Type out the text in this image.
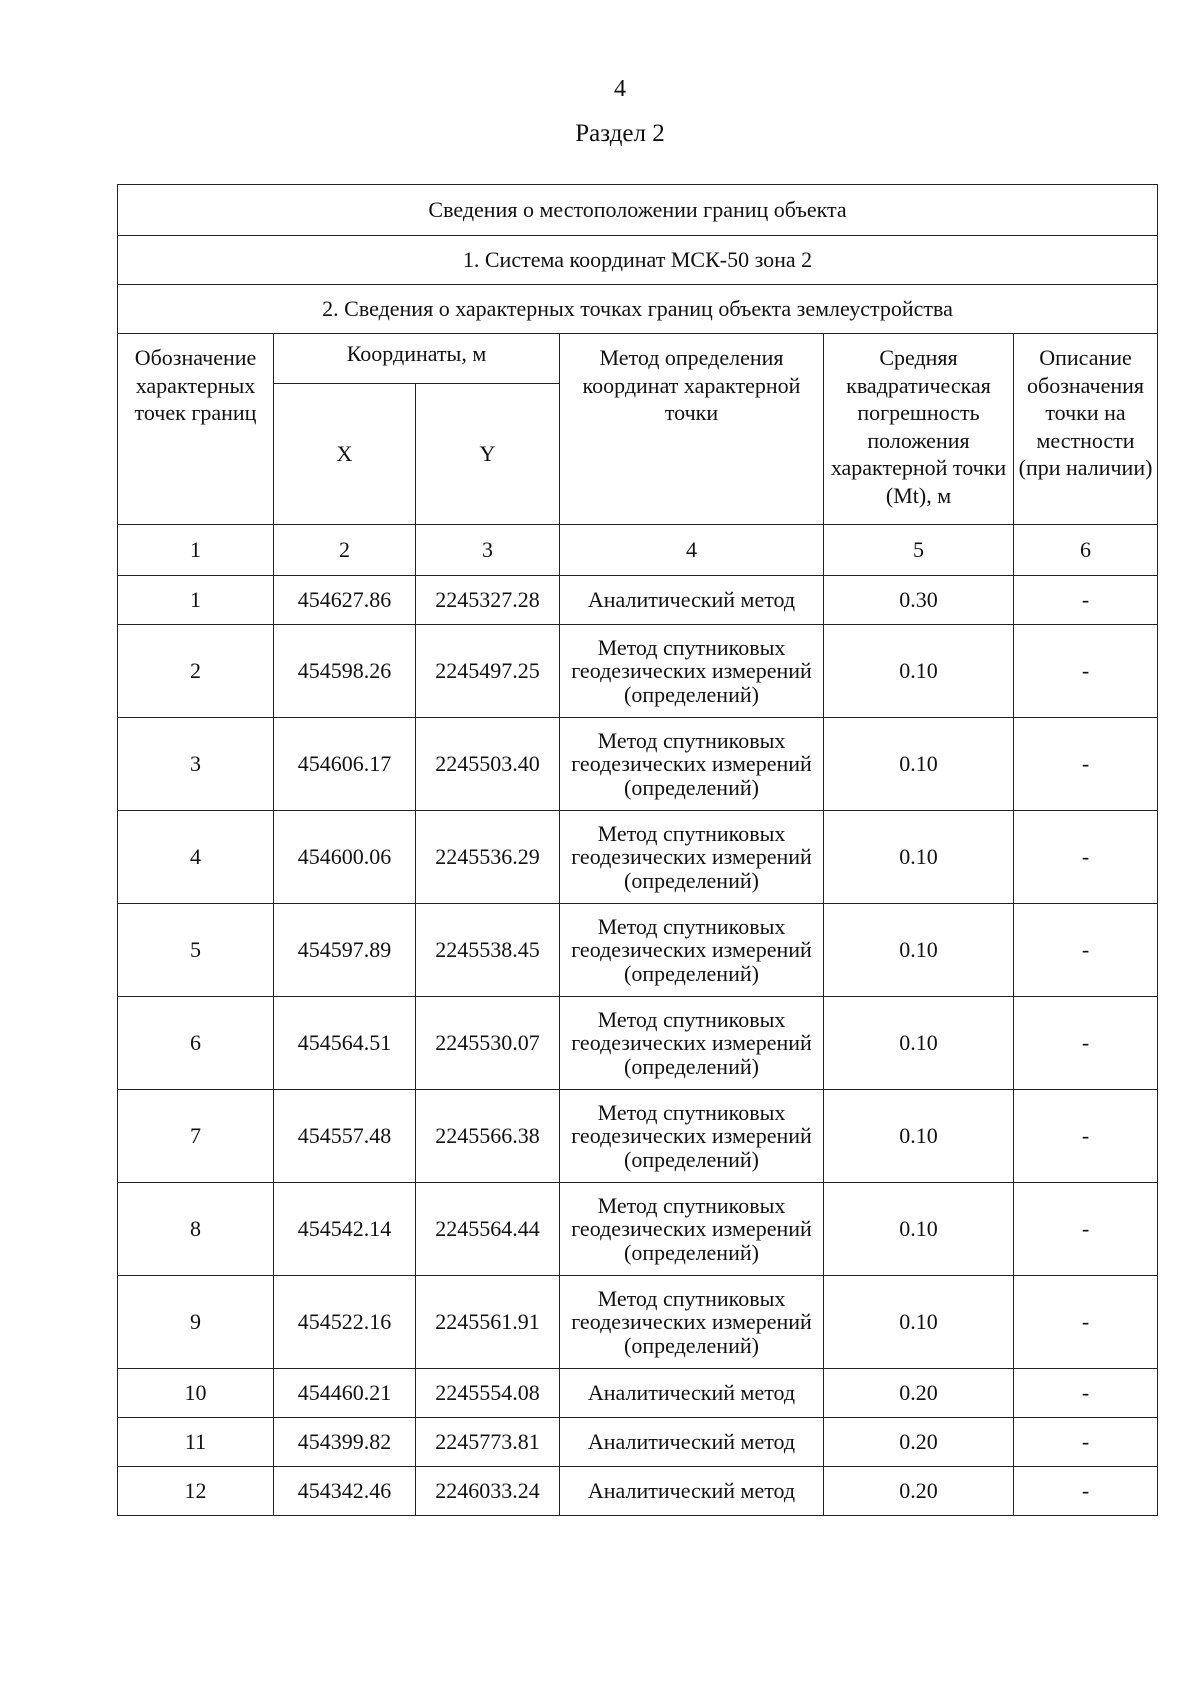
4
Раздел 2
Сведения о местоположении границ объекта					
1. Система координат МСК-50 зона 2					
2. Сведения о характерных точках границ объекта землеустройства					
Обозначение характерных точек границ	Координаты, м		Метод определения координат характерной точки	Средняя квадратическая погрешность положения характерной точки (Mt), м	Описание обозначения точки на местности (при наличии)
	X	Y			
1	2	3	4	5	6
1	454627.86	2245327.28	Аналитический метод	0.30	-
2	454598.26	2245497.25	Метод спутниковых геодезических измерений (определений)	0.10	-
3	454606.17	2245503.40	Метод спутниковых геодезических измерений (определений)	0.10	-
4	454600.06	2245536.29	Метод спутниковых геодезических измерений (определений)	0.10	-
5	454597.89	2245538.45	Метод спутниковых геодезических измерений (определений)	0.10	-
6	454564.51	2245530.07	Метод спутниковых геодезических измерений (определений)	0.10	-
7	454557.48	2245566.38	Метод спутниковых геодезических измерений (определений)	0.10	-
8	454542.14	2245564.44	Метод спутниковых геодезических измерений (определений)	0.10	-
9	454522.16	2245561.91	Метод спутниковых геодезических измерений (определений)	0.10	-
10	454460.21	2245554.08	Аналитический метод	0.20	-
11	454399.82	2245773.81	Аналитический метод	0.20	-
12	454342.46	2246033.24	Аналитический метод	0.20	-
